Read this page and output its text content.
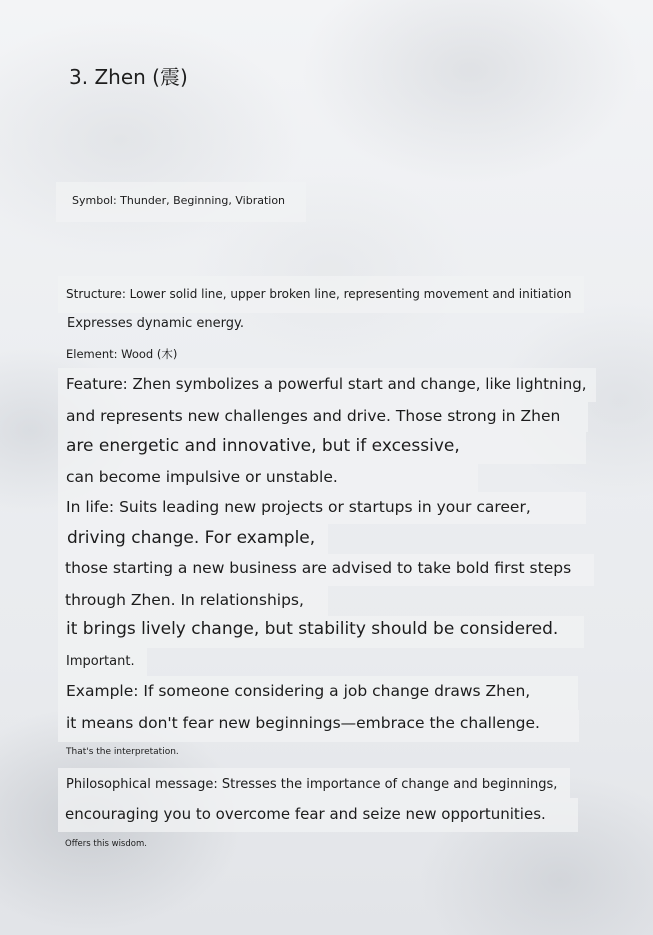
3. Zhen (震)
Symbol: Thunder, Beginning, Vibration
Structure: Lower solid line, upper broken line, representing movement and initiation
Expresses dynamic energy.
Element: Wood (木)
Feature: Zhen symbolizes a powerful start and change, like lightning,
and represents new challenges and drive. Those strong in Zhen
are energetic and innovative, but if excessive,
can become impulsive or unstable.
In life: Suits leading new projects or startups in your career,
driving change. For example,
those starting a new business are advised to take bold first steps
through Zhen. In relationships,
it brings lively change, but stability should be considered.
Important.
Example: If someone considering a job change draws Zhen,
it means don't fear new beginnings—embrace the challenge.
That's the interpretation.
Philosophical message: Stresses the importance of change and beginnings,
encouraging you to overcome fear and seize new opportunities.
Offers this wisdom.
